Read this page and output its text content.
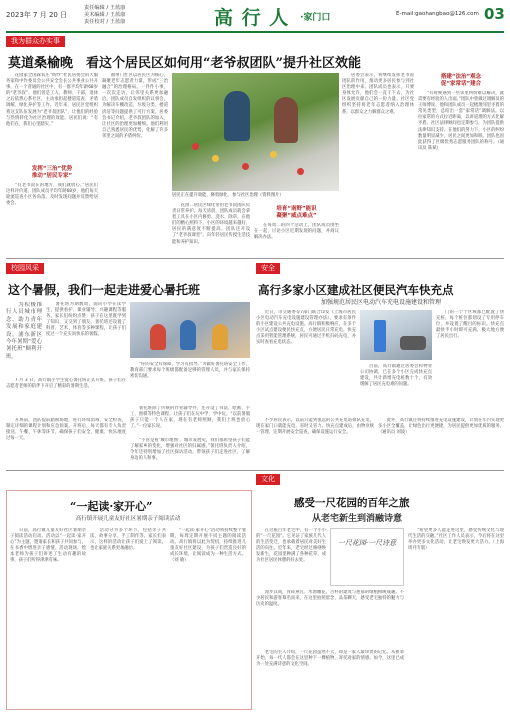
2023年 7 月 20 日
责任编辑 / 王蓝康
美术编辑 / 王蓝康
责任校对 / 王蓝康	高 行 人 ·家门口	E-mail:gaohangbao@126.com 03
我为群众办实事
莫道桑榆晚　看这个居民区如何用“老爷叔团队”提升社区效能
　　花园家全国森农庄“纺纱”社民居委会的大服务家和中作委员会公共安全会长公共事业公共开事，在一个普通的社区中，有一群平均年龄68岁的“老爷叔”。他们曾是工人、教师、干部，退休之后依然心系社区，主动承担起楼道巡查、矛盾调解、绿化养护等工作。近年来，居民区党组织将这支队伍发展为“老爷叔团队”，让他们的经验与热情转化为社区治理的效能。居民们说：“有他们在，我们心里踏实。”
发挥“三治”优势
推动“居民专家”
　　“有老爷叔在的地方，我们就放心。”居民们这样评价道。团队成员平均年龄68岁，他们每天轮流巡查小区各角落，及时发现问题并反馈给居委会。
　　福州门社区以居民区为核心，凝聚老年志愿者力量，形成“三治融合”的治理格局。一件件小事，一次次走访，让邻里关系更加融洽。团队成员自发组织的议事会，为解决车棚改造、垃圾分类、楼道清洁等问题提供了可行方案。居委会书记介绍，老爷叔团队的加入，让社区的治理更加精细。他们利用自己熟悉居民的优势，化解了许多邻里之间的矛盾纠纷。
居民正在提升效能、修剪绿化、参与社区治理（资料图片）
　　花园二居民区绿化带由老爷叔团队负责日常养护。每天清晨，团队成员就会拿着工具在小区内修剪、浇水、除草。在他们的精心照料下，小区的环境越来越好，居民的满意度不断提高。团队还开设了“老爷叔课堂”，向年轻居民传授生活技能和养护知识。
培育“南野”能识
凝聚“威点难点”
　　在每周二的四个活动上，团队成员围坐在一起，讨论小区近期发现的问题，并商议解决办法。
　　居委会表示，将继续发挥老爷叔团队的作用，推动更多居民参与到社区治理中来。团队成员也表示，只要身体允许，他们会一直干下去，为社区发展贡献自己的一份力量。社区党组织坚持将老年志愿者纳入治理体系，以群众之力解群众之难。
搭建“法治”观念
促“家常话”建合
　　“有时候遇到一些邻里纠纷难以解决，就需要有经验的人出面。”团队中曾做过调解员的王师傅说。他和团队成员一起梳理邻里矛盾的常见类型，总结出一套“家常话”调解法。以拉家常的方式拉近距离，以讲道理的方式化解矛盾。社区法律顾问也定期参与，为团队提供法律知识支持。在他们的努力下，小区的纠纷数量明显减少，居民之间更加和睦。团队也因此获得了区级优秀志愿服务团队的称号。（通讯员 陈斌）
校园风采
这个暑假，我们一起走进爱心暑托班
　　为积极推行人员城市理念，助力青年发展和家庭建设，浦东新区今年暑期“爱心暑托班”顺利开班。
　　暑托班为期数周，面向小学在读学生，提供看护、课业辅导、兴趣课程等服务。家长们纷纷点赞：孩子在这里既学到了知识，又交到了朋友。暑托班还设置了科普、艺术、体育等多种课程，让孩子们度过一个充实而快乐的暑假。
　　7 月 3 日，高行镇小学生爱心暑托班正式开班。孩子们在志愿者老师的陪伴下开启了精彩的暑期生活。
　　开班前，团队提前踏勘场地，进行环境消毒、安全检查，制定详细的课程计划和应急预案。开班后，每天都有专人负责接送、午餐、午休等环节，确保孩子们安全、健康、快乐地度过每一天。
　　“你的安全有保障，学习有指导。”为做好暑托班安全工作，教育部门要求每个班级都配备足够的管理人员，并与家长保持密切沟通。
　　暑托班除了传统的作业辅导外，还开设了书法、绘画、手工、围棋等特色课程，让孩子们在玩中学、学中玩。“以前暑假孩子只能一个人在家，现在有老师照顾，我们上班也放心了。”一位家长说。
　　“不管是看‘城市地图’、城市发展史，我们都希望孩子们能了解家乡的变化，增强对社区的归属感。”暑托班负责人介绍，今年还特别增加了社区探访活动，带领孩子们走进社区、了解身边的人和事。
安全
高行多家小区建成社区便民汽车快充点
加强规范居民区电动汽车充电设施建设和管理
　　近日，市交通委等7部门联合印发《上海市居民小区电动汽车充电设施建设管理办法》，要求有条件的小区建设公共充电设施。高行镇积极响应，在多个小区试点建设便民快充点，方便居民日常充电。快充点采用智能管理系统，居民可通过手机扫码充电，并实时查看充电状态。
　　目前，高行镇通过居委会和物业公司协调，已在多个小区完成快充点建设，共计新增充电桩数十个，有效缓解了居民充电难的问题。
　　门的一个个区域都已配置了快充桩，每个桩位都划设了专用停车位，并设置了醒目的标识。快充点最快半小时即可充满，极大地方便了居民出行。
　　不少居民表示，以前只能到很远的公共充电站排队充电，现在家门口就能充电，省时又省力。快充点建成后，由物业统一管理，定期开展安全巡查，确保设施运行安全。
　　此外，高行镇还将持续推进充电设施建设，计划在年内实现更多小区全覆盖，让绿色出行更便捷，为居民提供更加优质的服务。（通讯员 刘波）
文化
“一起读·家开心”
高行镇开展儿童友好社区暑期亲子阅读活动
　　日前，高行镇儿童友好社区暑期亲子阅读活动启动。活动以“一起读·家开心”为主题，邀请家长和孩子共同参与，在书香中增进亲子感情。活动现场，绘本老师为孩子们讲述了生动有趣的故事，孩子们听得津津有味。
　　活动分为多个环节，包括亲子共读、故事分享、手工制作等。家长们表示，这样的活动让孩子们爱上了阅读，也让家庭关系更加融洽。
　　“一起读·家开心”活动将持续整个暑期，每周定期开展不同主题的阅读活动。高行镇将以此为契机，持续推进儿童友好社区建设，为孩子们营造良好的成长环境，让阅读成为一种生活方式。（刘 敏）
感受一尺花园的百年之旅
从老宅新生到消融诗意
　　在这座百年老宅中，有一个小小的“一尺花园”。它见证了家族几代人的生活变迁，也承载着居民对美好生活的向往。近年来，老宅经过修缮焕发新生，花园里种满了各种花草，成为社区居民休憩的好去处。
一尺花园·一尺诗意
　　漫步其间，青砖黛瓦、木窗雕花，古朴的建筑与葱郁的绿植相映成趣。不少居民和游客慕名而来，在这里拍照留念、品茶聊天，感受老宅独特的魅力与历史的温度。
　　老宅的主人介绍，一尺花园虽然不大，却是一家人最珍贵的记忆。从祖辈开始，每一代人都会在这里种下一棵植物，寄托对家的情感。如今，这里已成为一处充满诗意的文化空间。
　　“希望更多人能走进这里，感受传统文化与现代生活的交融。”社区工作人员表示，今后将在这里举办更多文化活动，让老宅焕发更大活力。（上海周刊专版）
